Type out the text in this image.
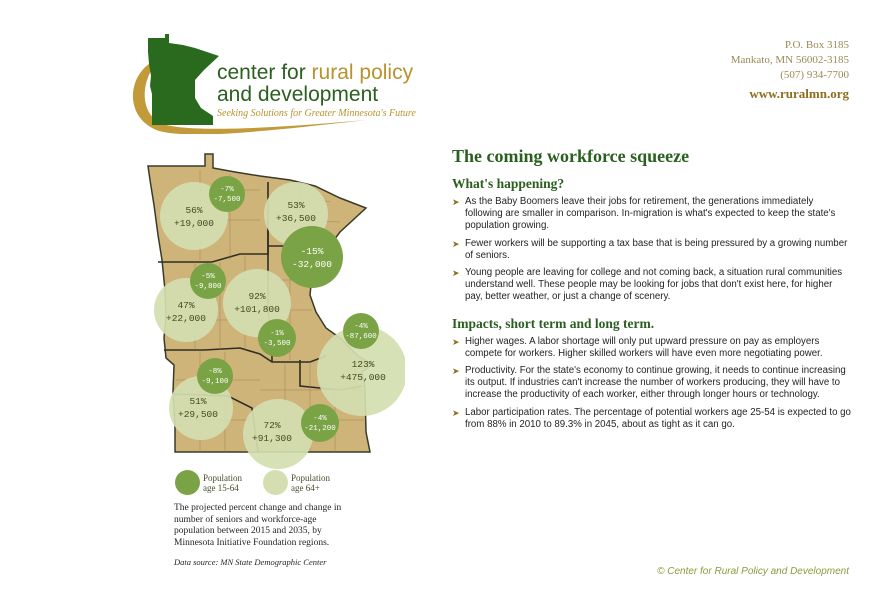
center for rural policy
and development
Seeking Solutions for Greater Minnesota's Future
P.O. Box 3185
Mankato, MN 56002-3185
(507) 934-7700
www.ruralmn.org
56%
+19,000
53%
+36,500
47%
+22,000
92%
+101,800
123%
+475,000
51%
+29,500
72%
+91,300
-7%
-7,500
-5%
-9,800
-1%
-3,500
-4%
-87,600
-8%
-9,100
-4%
-21,200
-15%
-32,000
Population
age 15-64
Population
age 64+
The projected percent change and change in number of seniors and workforce-age population between 2015 and 2035, by Minnesota Initiative Foundation regions.
Data source: MN State Demographic Center
The coming workforce squeeze
What's happening?
➤ As the Baby Boomers leave their jobs for retirement, the generations immediately following are smaller in comparison. In-migration is what's expected to keep the state's population growing.
➤ Fewer workers will be supporting a tax base that is being pressured by a growing number of seniors.
➤ Young people are leaving for college and not coming back, a situation rural communities understand well. These people may be looking for jobs that don't exist here, for higher pay, better weather, or just a change of scenery.
Impacts, short term and long term.
➤ Higher wages. A labor shortage will only put upward pressure on pay as employers compete for workers. Higher skilled workers will have even more negotiating power.
➤ Productivity. For the state's economy to continue growing, it needs to continue increasing its output. If industries can't increase the number of workers producing, they will have to increase the productivity of each worker, either through longer hours or technology.
➤ Labor participation rates. The percentage of potential workers age 25-54 is expected to go from 88% in 2010 to 89.3% in 2045, about as tight as it can go.
© Center for Rural Policy and Development
